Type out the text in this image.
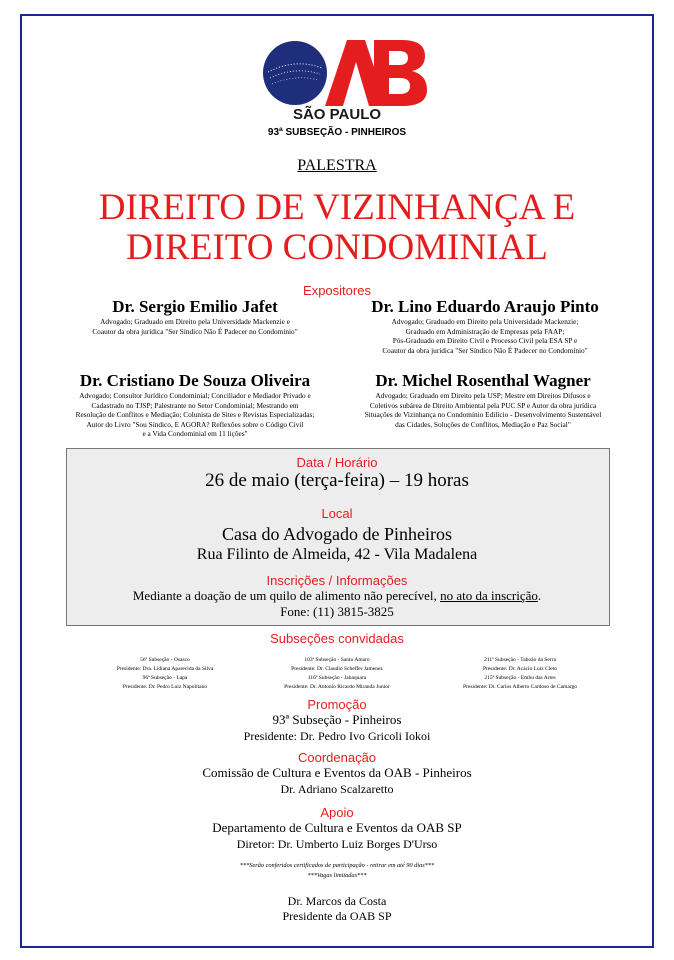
SÃO PAULO
93ª SUBSEÇÃO - PINHEIROS
PALESTRA
DIREITO DE VIZINHANÇA E
DIREITO CONDOMINIAL
Expositores
Dr. Sergio Emilio Jafet
Advogado; Graduado em Direito pela Universidade Mackenzie e
Coautor da obra jurídica "Ser Síndico Não É Padecer no Condomínio"
Dr. Lino Eduardo Araujo Pinto
Advogado; Graduado em Direito pela Universidade Mackenzie;
Graduado em Administração de Empresas pela FAAP;
Pós-Graduado em Direito Civil e Processo Civil pela ESA SP e
Coautor da obra jurídica "Ser Síndico Não É Padecer no Condomínio"
Dr. Cristiano De Souza Oliveira
Advogado; Consultor Jurídico Condominial; Conciliador e Mediador Privado e
Cadastrado no TJSP; Palestrante no Setor Condominial; Mestrando em
Resolução de Conflitos e Mediação; Colunista de Sites e Revistas Especializadas;
Autor do Livro "Sou Síndico, E AGORA? Reflexões sobre o Código Civil
e a Vida Condominial em 11 lições"
Dr. Michel Rosenthal Wagner
Advogado; Graduado em Direito pela USP; Mestre em Direitos Difusos e
Coletivos subárea de Direito Ambiental pela PUC SP e Autor da obra jurídica
Situações de Vizinhança no Condomínio Edilício - Desenvolvimento Sustentável
das Cidades, Soluções de Conflitos, Mediação e Paz Social"
Data / Horário
26 de maio (terça-feira) – 19 horas
Local
Casa do Advogado de Pinheiros
Rua Filinto de Almeida, 42 - Vila Madalena
Inscrições / Informações
Mediante a doação de um quilo de alimento não perecível, no ato da inscrição.
Fone: (11) 3815-3825
Subseções convidadas
56ª Subseção - Osasco
Presidente: Dra. Lidiana Aparecida da Silva
96ª Subseção - Lapa
Presidente: Dr. Pedro Luiz Napolitano
103ª Subseção - Santo Amaro
Presidente: Dr. Claudio Scheffer Jamenez
116ª Subseção - Jabaquara
Presidente: Dr. Antonio Ricardo Miranda Junior
211ª Subseção - Taboão da Serra
Presidente: Dr. Acácio Luiz Cleto
215ª Subseção - Embu das Artes
Presidente: Dr. Carlos Alberto Cardoso de Camargo
Promoção
93ª Subseção - Pinheiros
Presidente: Dr. Pedro Ivo Gricoli Iokoi
Coordenação
Comissão de Cultura e Eventos da OAB - Pinheiros
Dr. Adriano Scalzaretto
Apoio
Departamento de Cultura e Eventos da OAB SP
Diretor: Dr. Umberto Luiz Borges D'Urso
***Serão conferidos certificados de participação - retirar em até 90 dias***
***Vagas limitadas***
Dr. Marcos da Costa
Presidente da OAB SP
